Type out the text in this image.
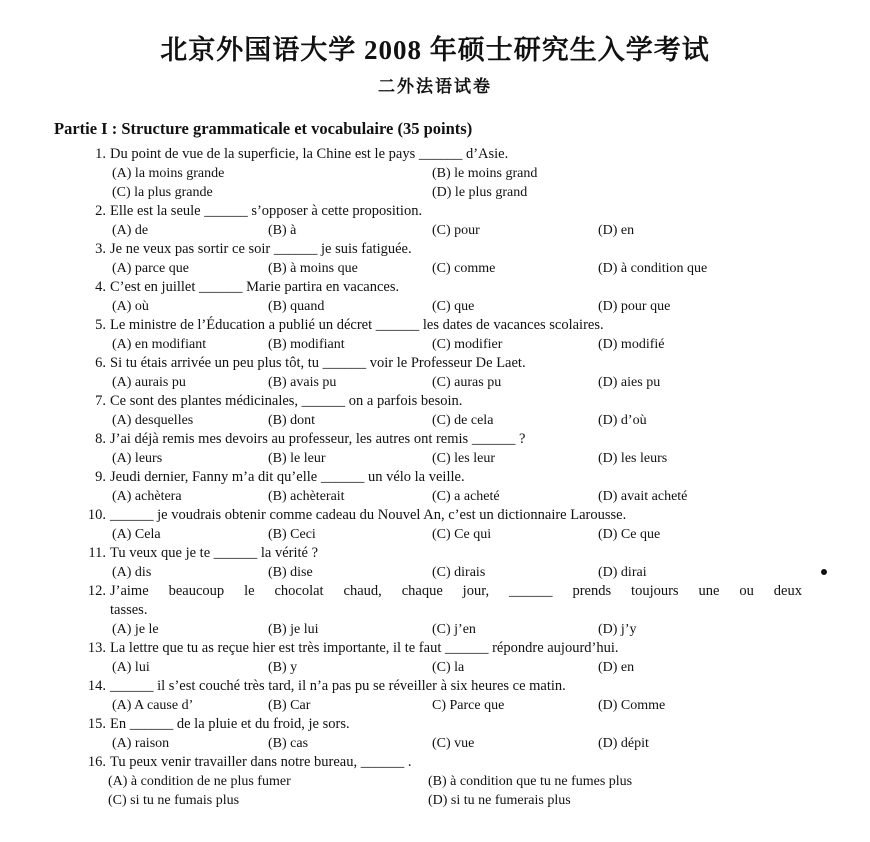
北京外国语大学 2008 年硕士研究生入学考试
二外法语试卷
Partie I : Structure grammaticale et vocabulaire (35 points)
1. Du point de vue de la superficie, la Chine est le pays ______ d’Asie.
(A) la moins grande	(B) le moins grand
(C) la plus grande	(D) le plus grand
2. Elle est la seule ______ s’opposer à cette proposition.
(A) de	(B) à	(C) pour	(D) en
3. Je ne veux pas sortir ce soir ______ je suis fatiguée.
(A) parce que	(B) à moins que	(C) comme	(D) à condition que
4. C’est en juillet ______ Marie partira en vacances.
(A) où	(B) quand	(C) que	(D) pour que
5. Le ministre de l’Éducation a publié un décret ______ les dates de vacances scolaires.
(A) en modifiant	(B) modifiant	(C) modifier	(D) modifié
6. Si tu étais arrivée un peu plus tôt, tu ______ voir le Professeur De Laet.
(A) aurais pu	(B) avais pu	(C) auras pu	(D) aies pu
7. Ce sont des plantes médicinales, ______ on a parfois besoin.
(A) desquelles	(B) dont	(C) de cela	(D) d’où
8. J’ai déjà remis mes devoirs au professeur, les autres ont remis ______ ?
(A) leurs	(B) le leur	(C) les leur	(D) les leurs
9. Jeudi dernier, Fanny m’a dit qu’elle ______ un vélo la veille.
(A) achètera	(B) achèterait	(C) a acheté	(D) avait acheté
10. ______ je voudrais obtenir comme cadeau du Nouvel An, c’est un dictionnaire Larousse.
(A) Cela	(B) Ceci	(C) Ce qui	(D) Ce que
11. Tu veux que je te ______ la vérité ?
(A) dis	(B) dise	(C) dirais	(D) dirai
12. J’aime beaucoup le chocolat chaud, chaque jour, ______ prends toujours une ou deux
tasses.
(A) je le	(B) je lui	(C) j’en	(D) j’y
13. La lettre que tu as reçue hier est très importante, il te faut ______ répondre aujourd’hui.
(A) lui	(B) y	(C) la	(D) en
14. ______ il s’est couché très tard, il n’a pas pu se réveiller à six heures ce matin.
(A) A cause d’	(B) Car	C) Parce que	(D) Comme
15. En ______ de la pluie et du froid, je sors.
(A) raison	(B) cas	(C) vue	(D) dépit
16. Tu peux venir travailler dans notre bureau, ______ .
(A) à condition de ne plus fumer	(B) à condition que tu ne fumes plus
(C) si tu ne fumais plus	(D) si tu ne fumerais plus
